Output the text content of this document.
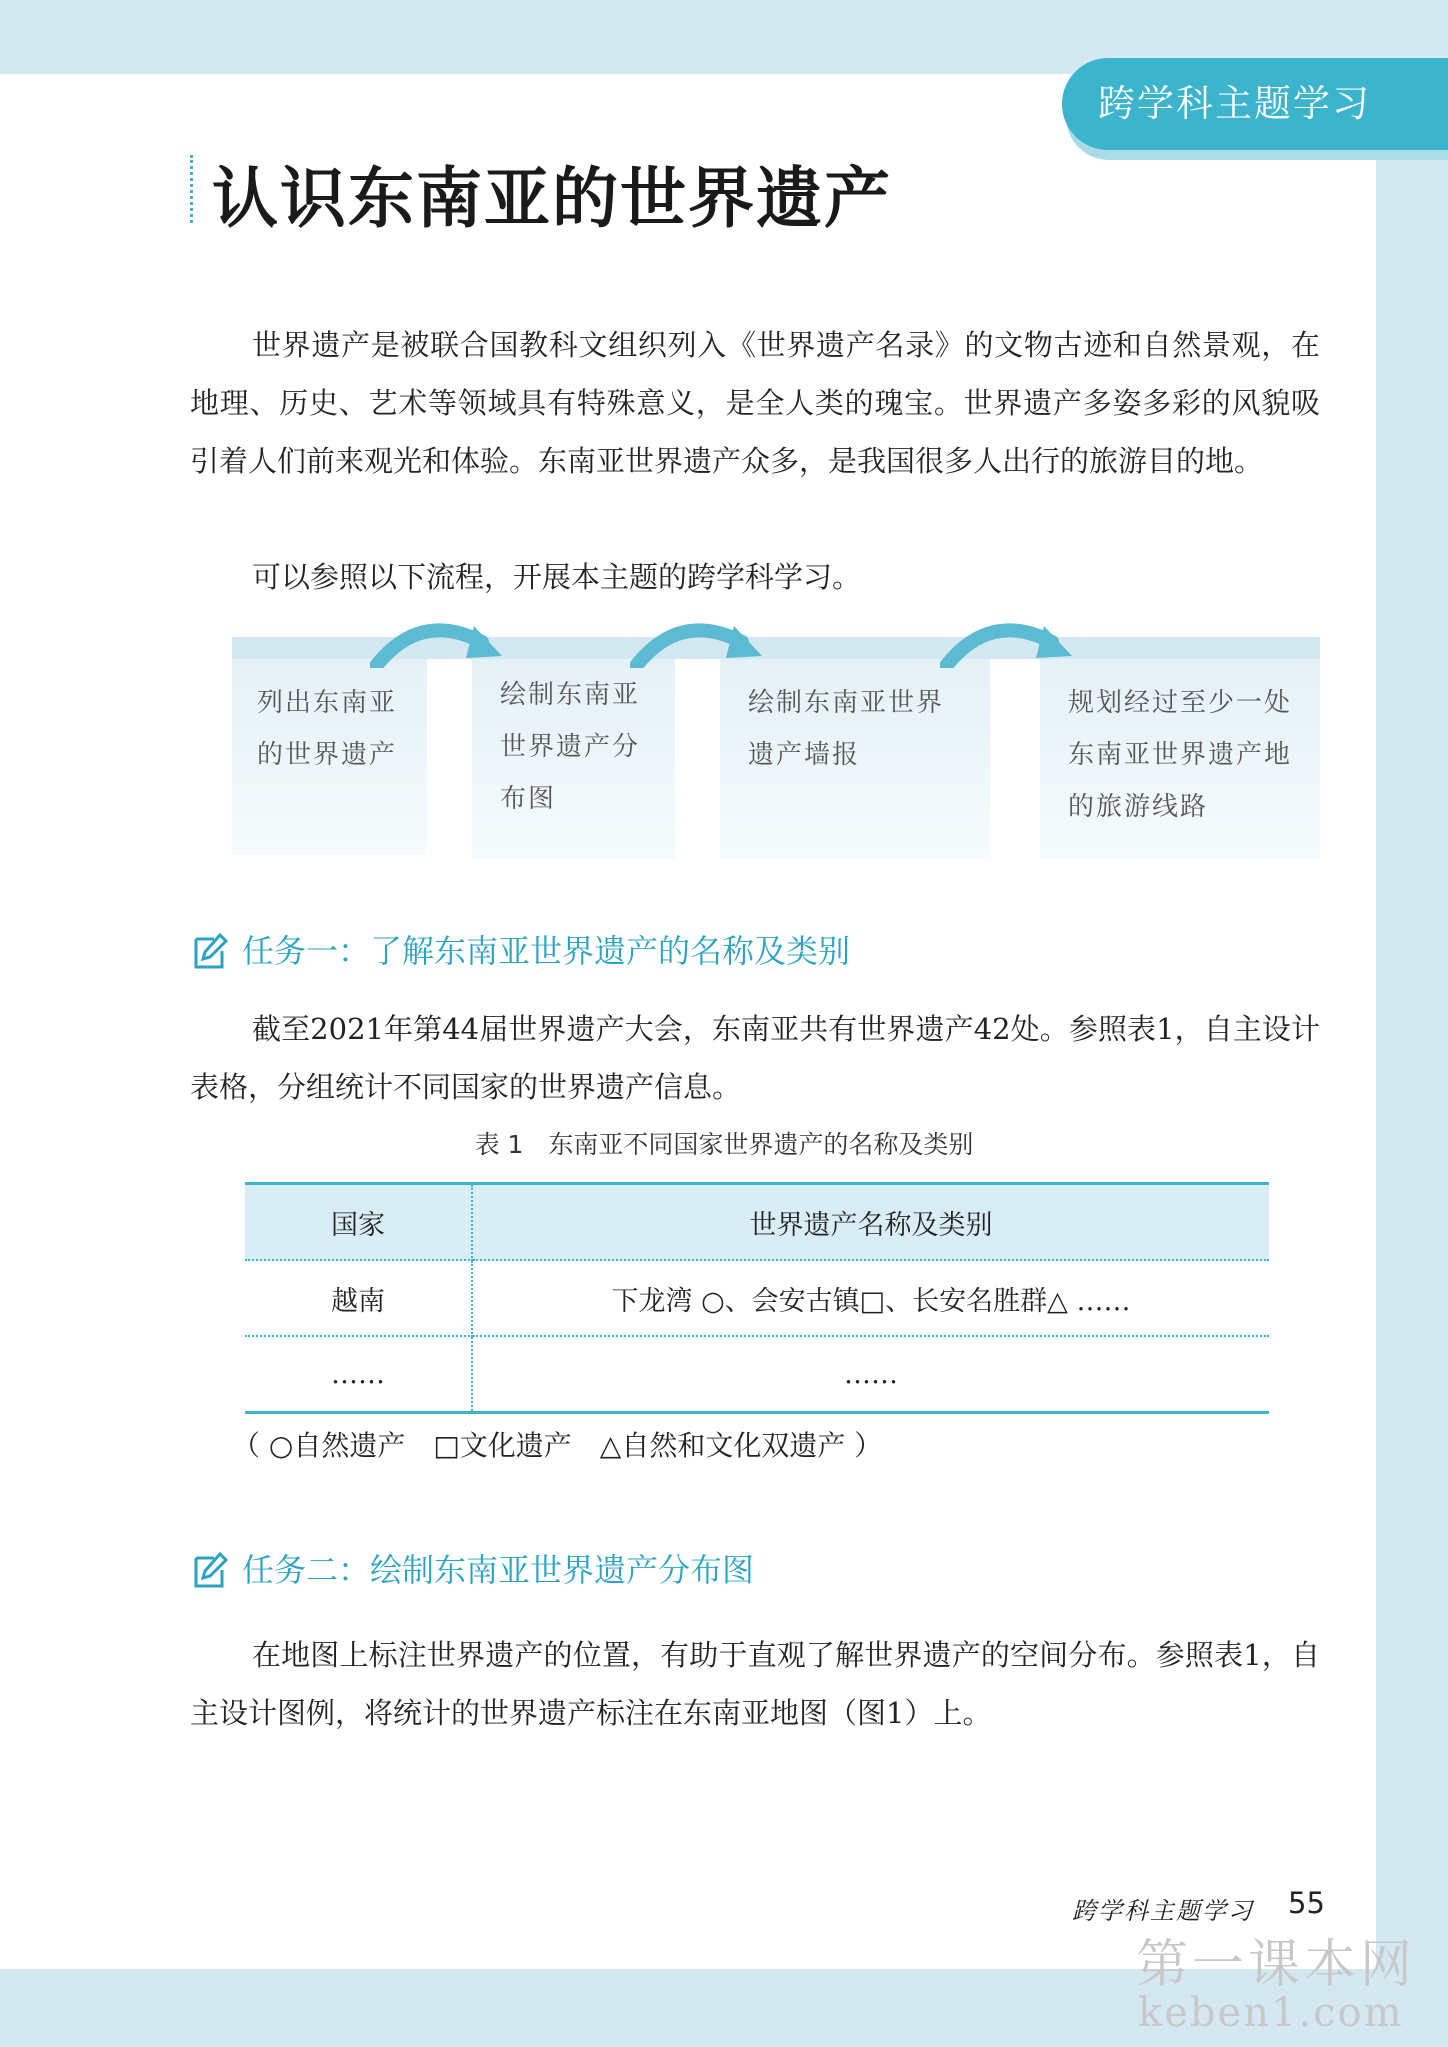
跨学科主题学习
认识东南亚的世界遗产

世界遗产是被联合国教科文组织列入《世界遗产名录》的文物古迹和自然景观，在地理、历史、艺术等领域具有特殊意义，是全人类的瑰宝。世界遗产多姿多彩的风貌吸引着人们前来观光和体验。东南亚世界遗产众多，是我国很多人出行的旅游目的地。

可以参照以下流程，开展本主题的跨学科学习。

列出东南亚
的世界遗产
绘制东南亚
世界遗产分
布图
绘制东南亚世界
遗产墙报
规划经过至少一处
东南亚世界遗产地
的旅游线路
任务一：了解东南亚世界遗产的名称及类别

截至2021年第44届世界遗产大会，东南亚共有世界遗产42处。参照表1，自主设计表格，分组统计不同国家的世界遗产信息。

表 1　东南亚不同国家世界遗产的名称及类别
国家	世界遗产名称及类别
越南	下龙湾 ○、会安古镇□、长安名胜群△ ……
……	……
（ ○自然遗产　□文化遗产　△自然和文化双遗产 ）
任务二：绘制东南亚世界遗产分布图

在地图上标注世界遗产的位置，有助于直观了解世界遗产的空间分布。参照表1，自主设计图例，将统计的世界遗产标注在东南亚地图（图1）上。

跨学科主题学习 55
第一课本网
keben1.com
